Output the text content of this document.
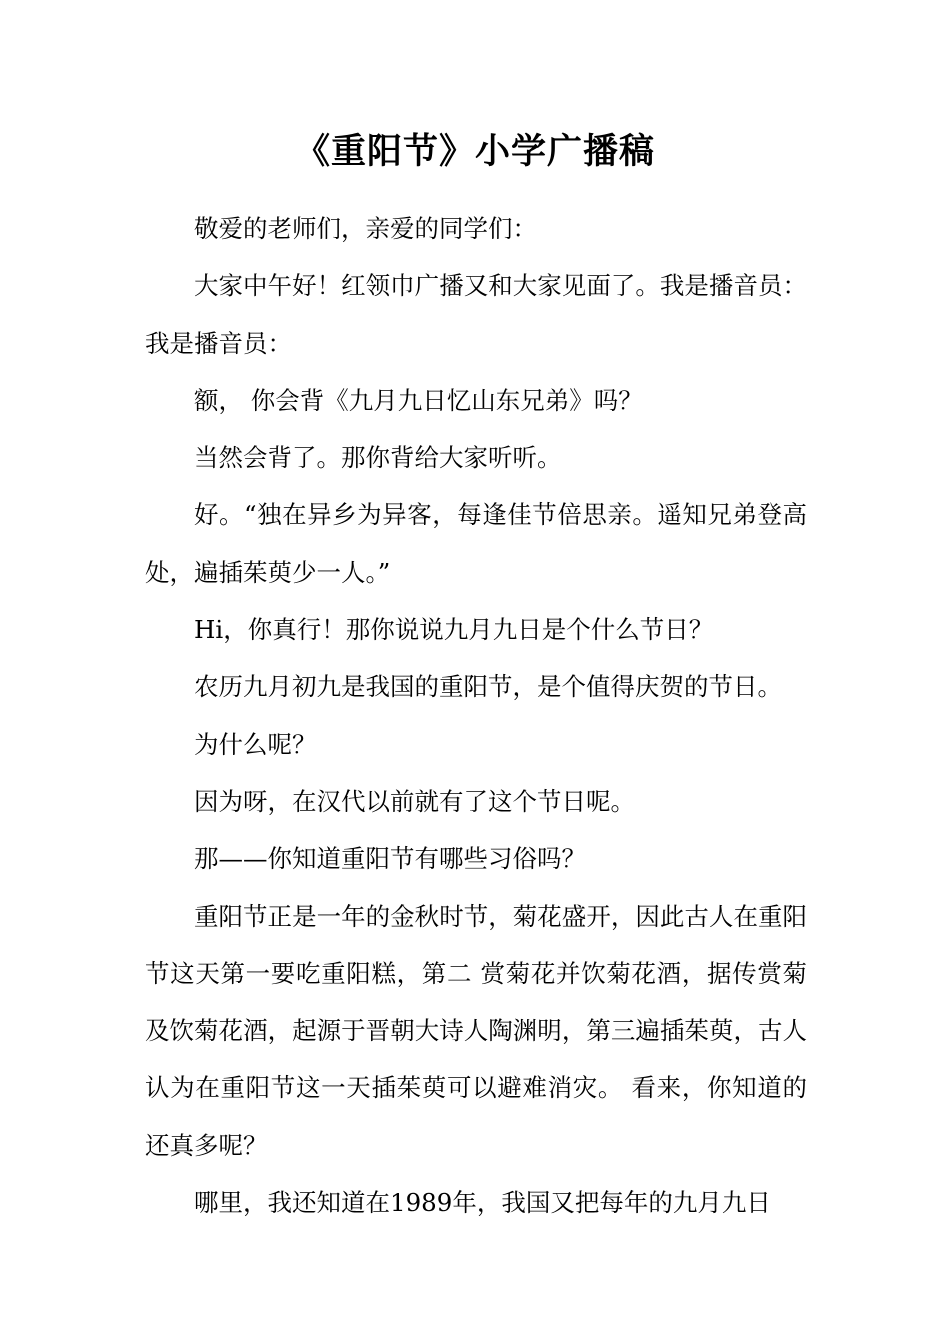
《重阳节》小学广播稿

敬爱的老师们，亲爱的同学们：

大家中午好！红领巾广播又和大家见面了。我是播音员： 我是播音员：

额， 你会背《九月九日忆山东兄弟》吗？

当然会背了。那你背给大家听听。

好。“独在异乡为异客，每逢佳节倍思亲。遥知兄弟登高处，遍插茱萸少一人。”

Hi，你真行！那你说说九月九日是个什么节日？

农历九月初九是我国的重阳节，是个值得庆贺的节日。

为什么呢？

因为呀，在汉代以前就有了这个节日呢。

那——你知道重阳节有哪些习俗吗？

重阳节正是一年的金秋时节，菊花盛开，因此古人在重阳节这天第一要吃重阳糕，第二 赏菊花并饮菊花酒，据传赏菊及饮菊花酒，起源于晋朝大诗人陶渊明，第三遍插茱萸，古人认为在重阳节这一天插茱萸可以避难消灾。 看来，你知道的还真多呢？

哪里，我还知道在1989年，我国又把每年的九月九日
